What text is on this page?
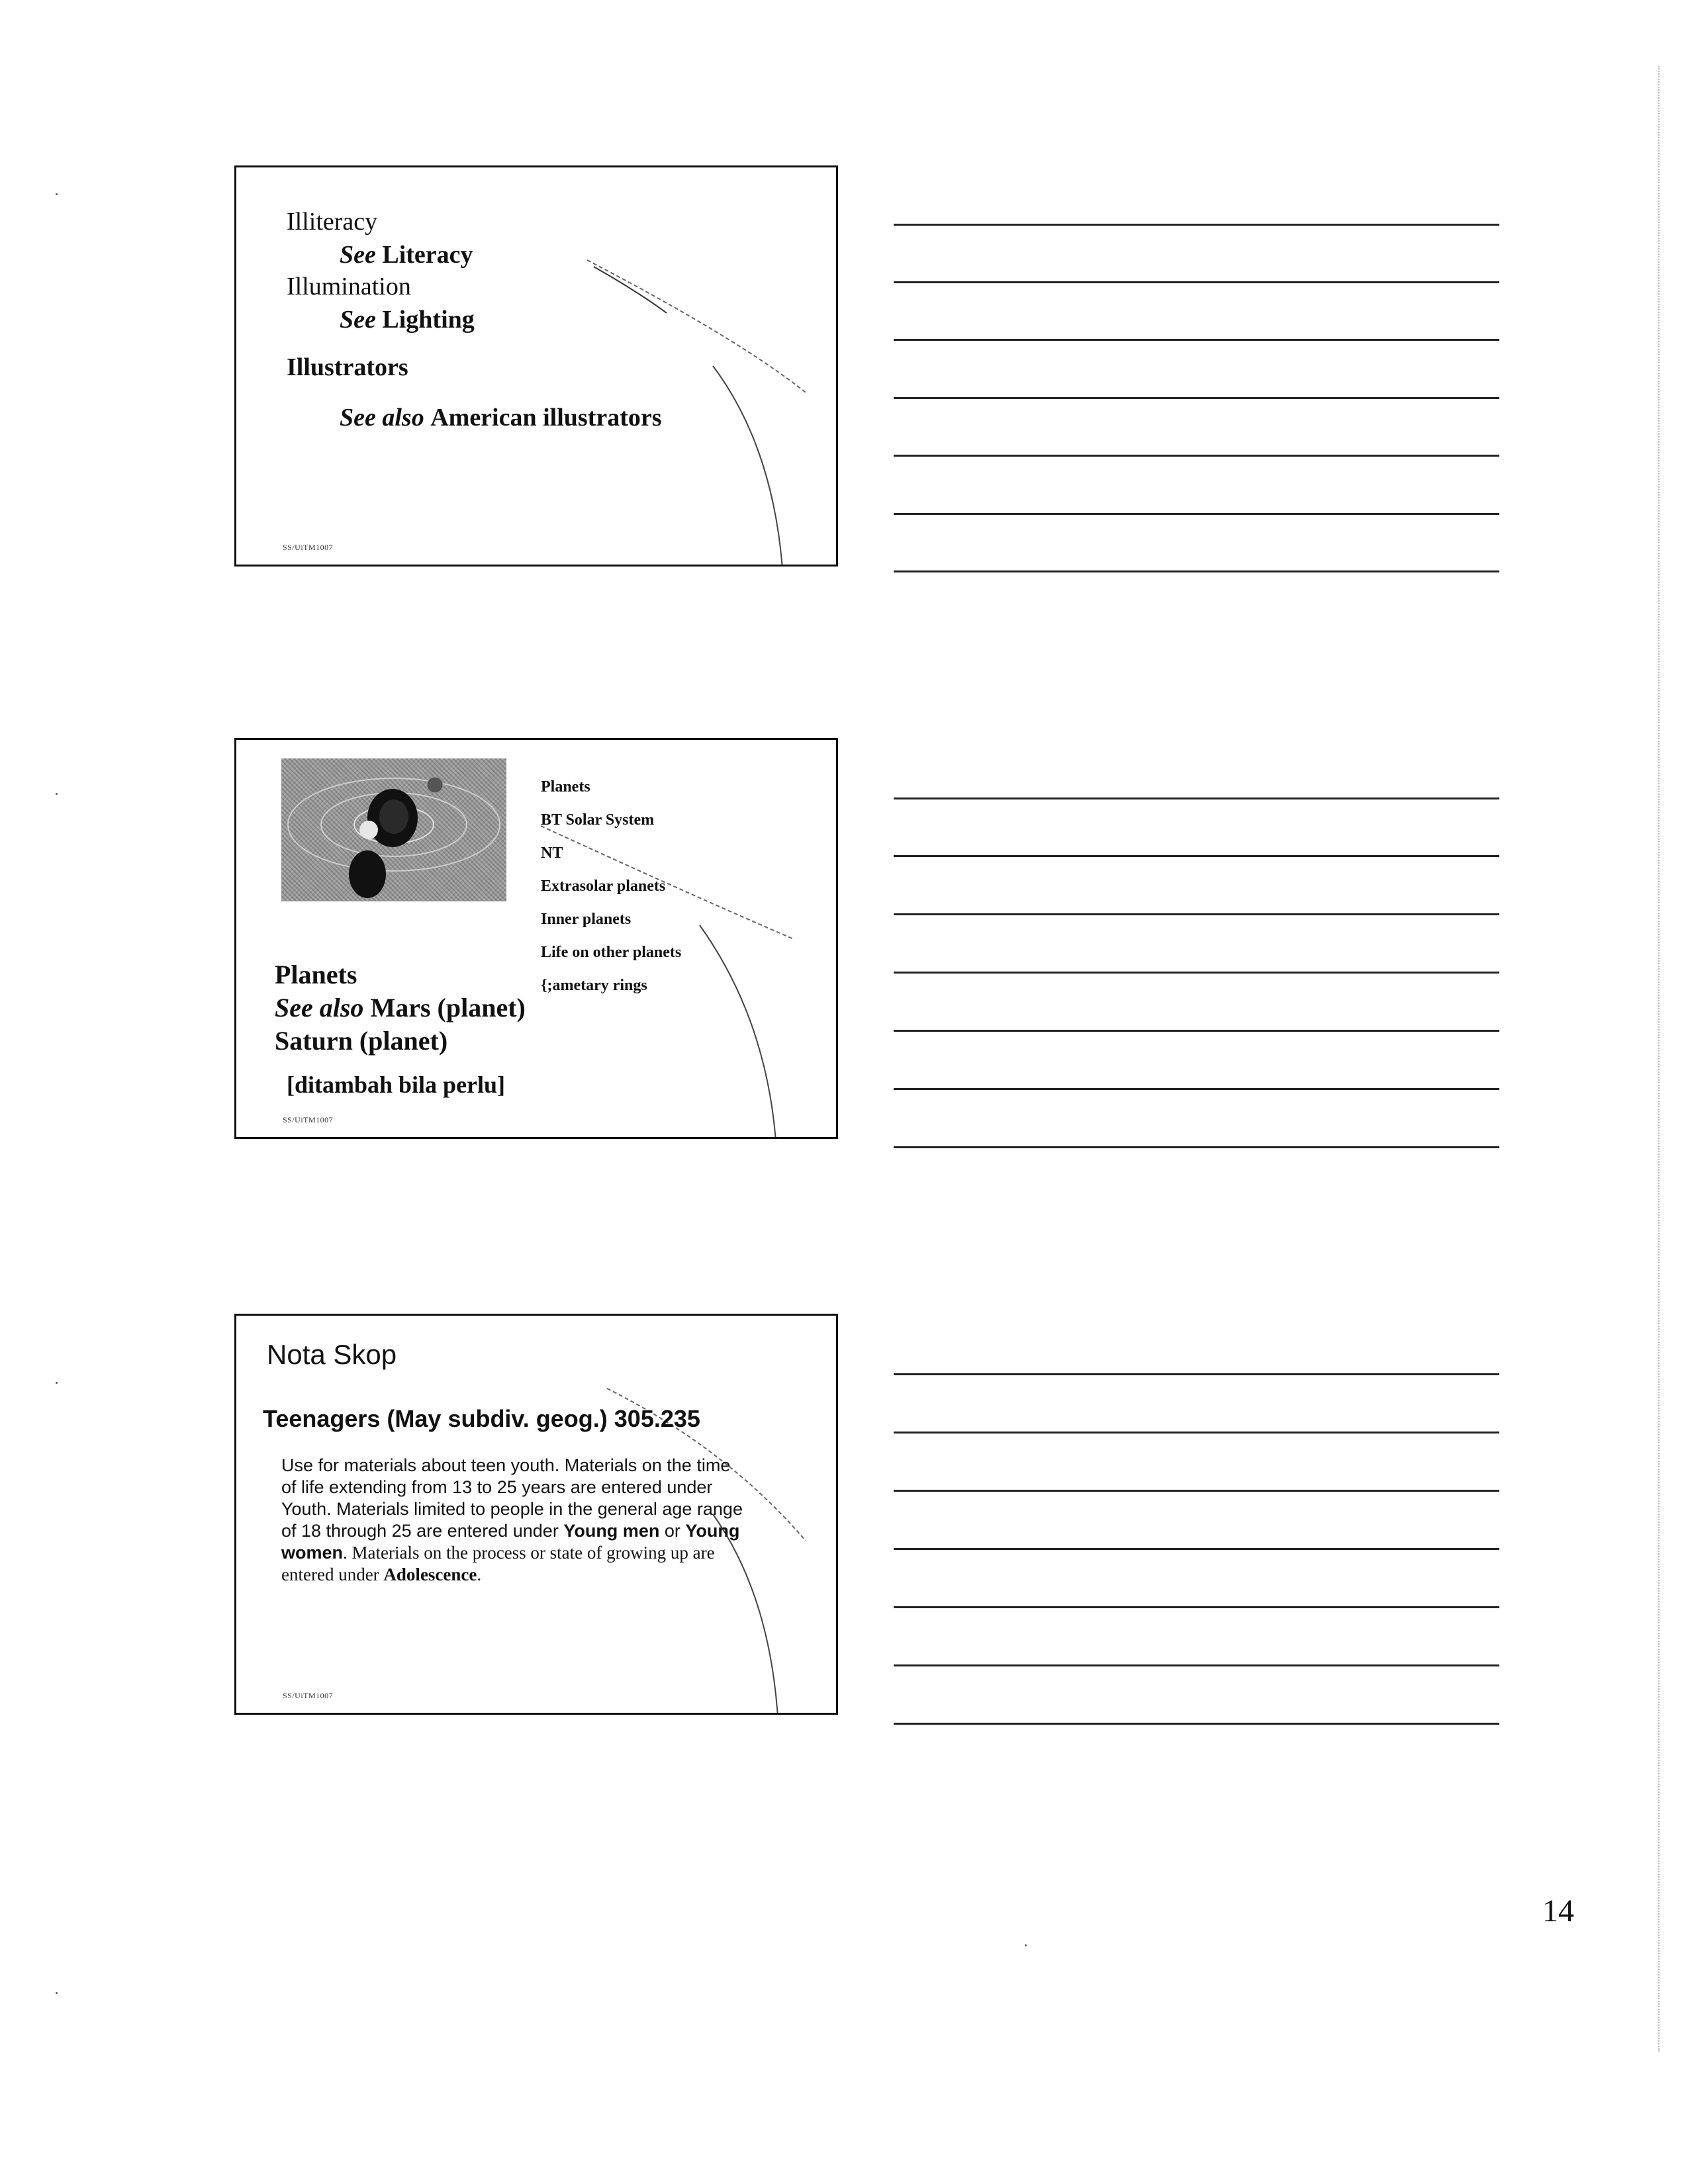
Illiteracy
See Literacy
Illumination
See Lighting
Illustrators
See also American illustrators
SS/UiTM1007
Planets
BT Solar System
NT
Extrasolar planets
Inner planets
Life on other planets
{;ametary rings
Planets
See also Mars (planet)
Saturn (planet)
[ditambah bila perlu]
SS/UiTM1007
Nota Skop
Teenagers (May subdiv. geog.) 305.235
Use for materials about teen youth. Materials on the time of life extending from 13 to 25 years are entered under Youth. Materials limited to people in the general age range of 18 through 25 are entered under Young men or Young women. Materials on the process or state of growing up are entered under Adolescence.
SS/UiTM1007
14
